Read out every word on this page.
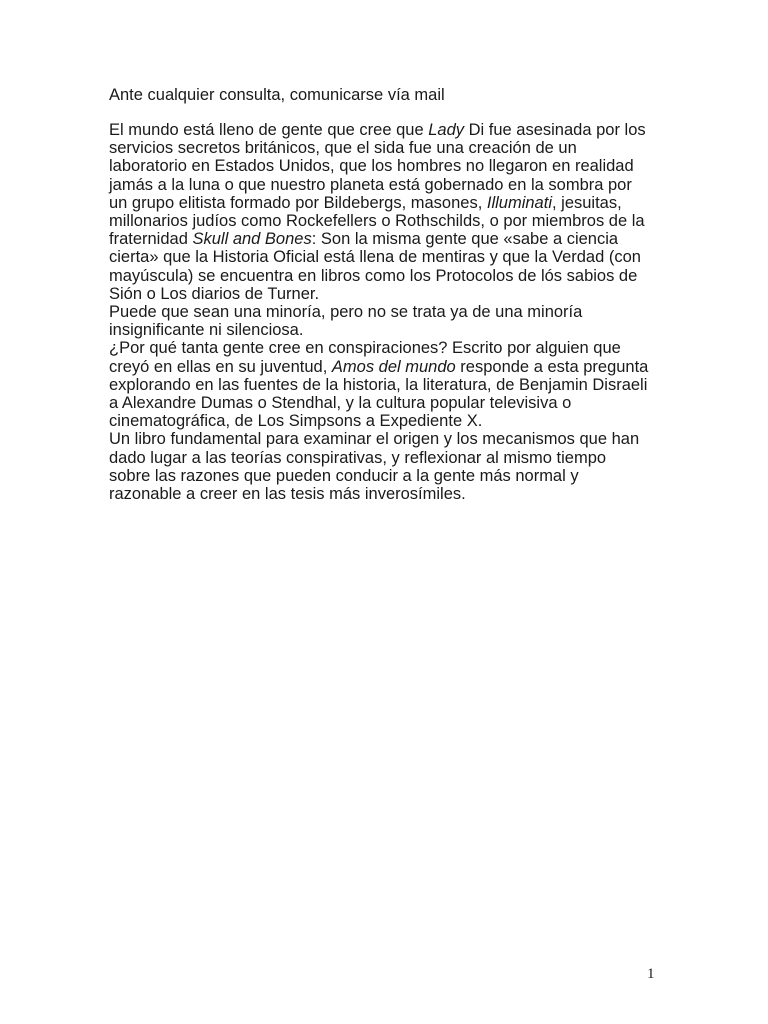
Ante cualquier consulta, comunicarse vía mail

El mundo está lleno de gente que cree que Lady Di fue asesinada por los
servicios secretos británicos, que el sida fue una creación de un
laboratorio en Estados Unidos, que los hombres no llegaron en realidad
jamás a la luna o que nuestro planeta está gobernado en la sombra por
un grupo elitista formado por Bildebergs, masones, Illuminati, jesuitas,
millonarios judíos como Rockefellers o Rothschilds, o por miembros de la
fraternidad Skull and Bones: Son la misma gente que «sabe a ciencia
cierta» que la Historia Oficial está llena de mentiras y que la Verdad (con
mayúscula) se encuentra en libros como los Protocolos de lós sabios de
Sión o Los diarios de Turner.

Puede que sean una minoría, pero no se trata ya de una minoría
insignificante ni silenciosa.

¿Por qué tanta gente cree en conspiraciones? Escrito por alguien que
creyó en ellas en su juventud, Amos del mundo responde a esta pregunta
explorando en las fuentes de la historia, la literatura, de Benjamin Disraeli
a Alexandre Dumas o Stendhal, y la cultura popular televisiva o
cinematográfica, de Los Simpsons a Expediente X.

Un libro fundamental para examinar el origen y los mecanismos que han
dado lugar a las teorías conspirativas, y reflexionar al mismo tiempo
sobre las razones que pueden conducir a la gente más normal y
razonable a creer en las tesis más inverosímiles.

1
